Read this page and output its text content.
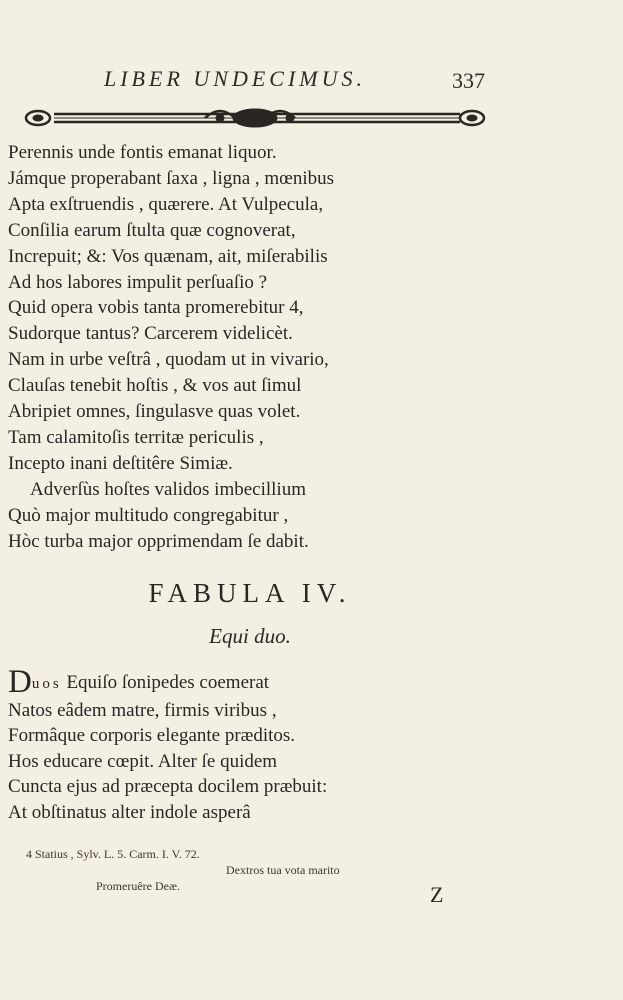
LIBER UNDECIMUS.	337
Perennis unde fontis emanat liquor.
Jámque properabant ſaxa , ligna , mœnibus
Apta exſtruendis , quærere. At Vulpecula,
Conſilia earum ſtulta quæ cognoverat,
Increpuit; &: Vos quænam, ait, miſerabilis
Ad hos labores impulit perſuaſio ?
Quid opera vobis tanta promerebitur 4,
Sudorque tantus? Carcerem videlicèt.
Nam in urbe veſtrâ , quodam ut in vivario,
Clauſas tenebit hoſtis , & vos aut ſimul
Abripiet omnes, ſingulasve quas volet.
Tam calamitoſis territæ periculis ,
Incepto inani deſtitêre Simiæ.
Adverſùs hoſtes validos imbecillium
Quò major multitudo congregabitur ,
Hòc turba major opprimendam ſe dabit.
FABULA IV.
Equi duo.
Duos Equiſo ſonipedes coemerat
Natos eâdem matre, firmis viribus ,
Formâque corporis elegante præditos.
Hos educare cœpit. Alter ſe quidem
Cuncta ejus ad præcepta docilem præbuit:
At obſtinatus alter indole asperâ
4 Statius , Sylv. L. 5. Carm. I. V. 72.
Dextros tua vota marito
Promeruêre Deæ.	Z
